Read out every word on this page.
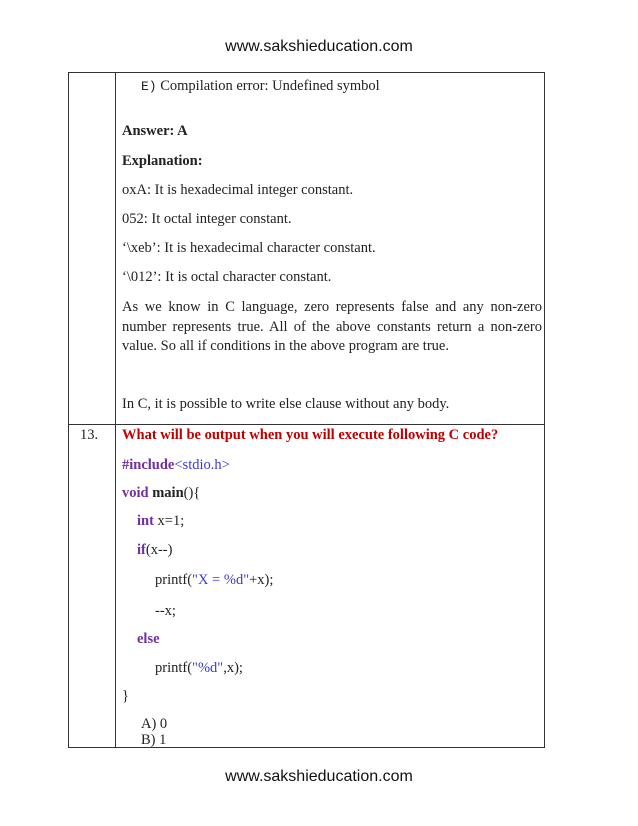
www.sakshieducation.com
E) Compilation error: Undefined symbol
Answer: A
Explanation:
oxA: It is hexadecimal integer constant.
052: It octal integer constant.
‘\xeb’: It is hexadecimal character constant.
‘\012’: It is octal character constant.
As we know in C language, zero represents false and any non-zero number represents true. All of the above constants return a non-zero value. So all if conditions in the above program are true.
In C, it is possible to write else clause without any body.
13. What will be output when you will execute following C code?
#include<stdio.h>
void main(){
int x=1;
if(x--)
printf("X = %d"+x);
--x;
else
printf("%d",x);
}
A) 0
B) 1
www.sakshieducation.com
